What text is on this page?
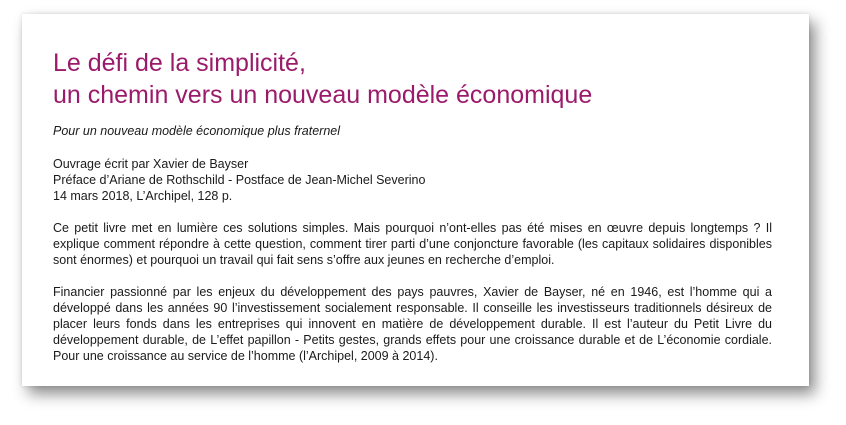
Le défi de la simplicité,
un chemin vers un nouveau modèle économique

Pour un nouveau modèle économique plus fraternel

Ouvrage écrit par Xavier de Bayser
Préface d’Ariane de Rothschild - Postface de Jean-Michel Severino
14 mars 2018, L’Archipel, 128 p.

Ce petit livre met en lumière ces solutions simples. Mais pourquoi n’ont-elles pas été mises en œuvre depuis longtemps ? Il explique comment répondre à cette question, comment tirer parti d’une conjoncture favorable (les capitaux solidaires disponibles sont énormes) et pourquoi un travail qui fait sens s’offre aux jeunes en recherche d’emploi.

Financier passionné par les enjeux du développement des pays pauvres, Xavier de Bayser, né en 1946, est l’homme qui a développé dans les années 90 l’investissement socialement responsable. Il conseille les investisseurs traditionnels désireux de placer leurs fonds dans les entreprises qui innovent en matière de développement durable. Il est l’auteur du Petit Livre du développement durable, de L’effet papillon - Petits gestes, grands effets pour une croissance durable et de L’économie cordiale. Pour une croissance au service de l’homme (l’Archipel, 2009 à 2014).
